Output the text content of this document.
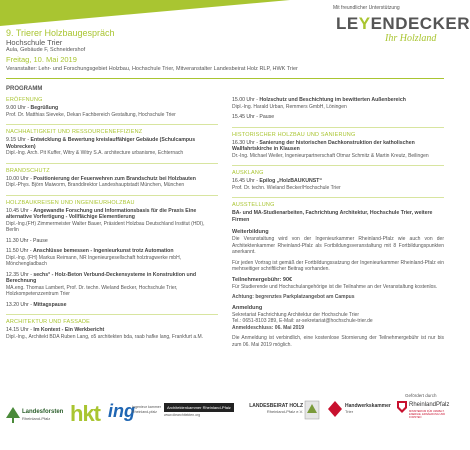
Mit freundlicher Unterstützung
LEYENDECKER
Ihr Holzland
9. Trierer Holzbaugespräch
Hochschule Trier
Aula, Gebäude F, Schneidershof
Freitag, 10. Mai 2019
Veranstalter: Lehr- und Forschungsgebiet Holzbau, Hochschule Trier, Mitveranstalter Landesbeirat Holz RLP, HWK Trier
PROGRAMM
ERÖFFNUNG
9.00 Uhr - Begrüßung
Prof. Dr. Matthias Sieveke, Dekan Fachbereich Gestaltung, Hochschule Trier
NACHHALTIGKEIT UND RESSOURCENEFFIZIENZ
9.15 Uhr - Entwicklung & Bewertung kreislauffähiger Gebäude (Schulcampus Wobrecken)
Dipl.-Ing. Arch. Pit Kuffer, Witry & Witry S.A. architecture urbanisme, Echternach
BRANDSCHUTZ
10.00 Uhr - Positionierung der Feuerwehren zum Brandschutz bei Holzbauten
Dipl.-Phys. Björn Maiworm, Branddirektor Landeshauptstadt München, München
HOLZBAUKREISEN UND INGENIEURHOLZBAU
10.45 Uhr - Angewandte Forschung und Informationsbasis für die Praxis Eine alternative Vorfertigung - Vollflächige Elementierung
Dipl.-Ing.(FH) Zimmermeister Walter Bauer, Präsident Holzbau Deutschland Institut (HDI), Berlin
11.30 Uhr - Pause
11.50 Uhr - Anschlüsse bemessen - Ingenieurkunst trotz Automation
Dipl.-Ing. (FH) Markus Reimann, NR Ingenieurgesellschaft holztragwerke mbH, Mönchengladbach
12.35 Uhr - sechs° - Holz-Beton Verbund-Deckensysteme in Konstruktion und Berechnung
MA.eng. Thomas Lambert, Prof. Dr. techn. Wieland Becker, Hochschule Trier, Holzkompetenzzentrum Trier
13.20 Uhr - Mittagspause
ARCHITEKTUR UND FASSADE
14.15 Uhr - Im Kontext - Ein Werkbericht
Dipl.-Ing., Architekt BDA Ruben Lang, o5 architekten bda, raab hafke lang, Frankfurt a.M.
15.00 Uhr - Holzschutz und Beschichtung im bewitterten Außenbereich
Dipl.-Ing. Harald Urban, Remmers GmbH, Löningen
15.45 Uhr - Pause
HISTORISCHER HOLZBAU UND SANIERUNG
16.30 Uhr - Sanierung der historischen Dachkonstruktion der katholischen Wallfahrtskirche in Klausen
Dr.-Ing. Michael Weiler, Ingenieurpartnerschaft Otmar Schmitz & Martin Kreutz, Beilingen
AUSKLANG
16.45 Uhr - Epilog „HolzBAUKUNST“
Prof. Dr. techn. Wieland Becker/Hochschule Trier
AUSSTELLUNG
BA- und MA-Studienarbeiten, Fachrichtung Architektur, Hochschule Trier, weitere Firmen
Weiterbildung
Die Veranstaltung wird von der Ingenieurkammer Rheinland-Pfalz wie auch von der Architektenkammer Rheinland-Pfalz als Fortbildungsveranstaltung mit 8 Fortbildungspunkten anerkannt.
Für jeden Vortrag ist gemäß der Fortbildungssatzung der Ingenieurkammer Rheinland-Pfalz ein mehrseitiger schriftlicher Beitrag vorhanden.
Teilnehmergebühr: 90€
Für Studierende und Hochschulangehörige ist die Teilnahme an der Veranstaltung kostenlos.
Achtung: begrenztes Parkplatzangebot am Campus
Anmeldung
Sekretariat Fachrichtung Architektur der Hochschule Trier
Tel.: 0651-8103 289, E-Mail: ar-sekretariat@hochschule-trier.de
Anmeldeschluss: 06. Mai 2019
Die Anmeldung ist verbindlich, eine kostenlose Stornierung der Teilnehmergebühr ist nur bis zum 06. Mai 2019 möglich.
Landesforsten
Rheinland-Pfalz hkt ing
Ingenieur kammer Rheinland-pfalz
Architektenkammer Rheinland-Pfalz
www.diearchitekten.org
LANDESBEIRAT HOLZ
Rheinland-Pfalz e.V.
Handwerkskammer
Trier
Gefördert durch
RheinlandPfalz
MINISTERIUM FÜR UMWELT, ENERGIE, ERNÄHRUNG UND FORSTEN
